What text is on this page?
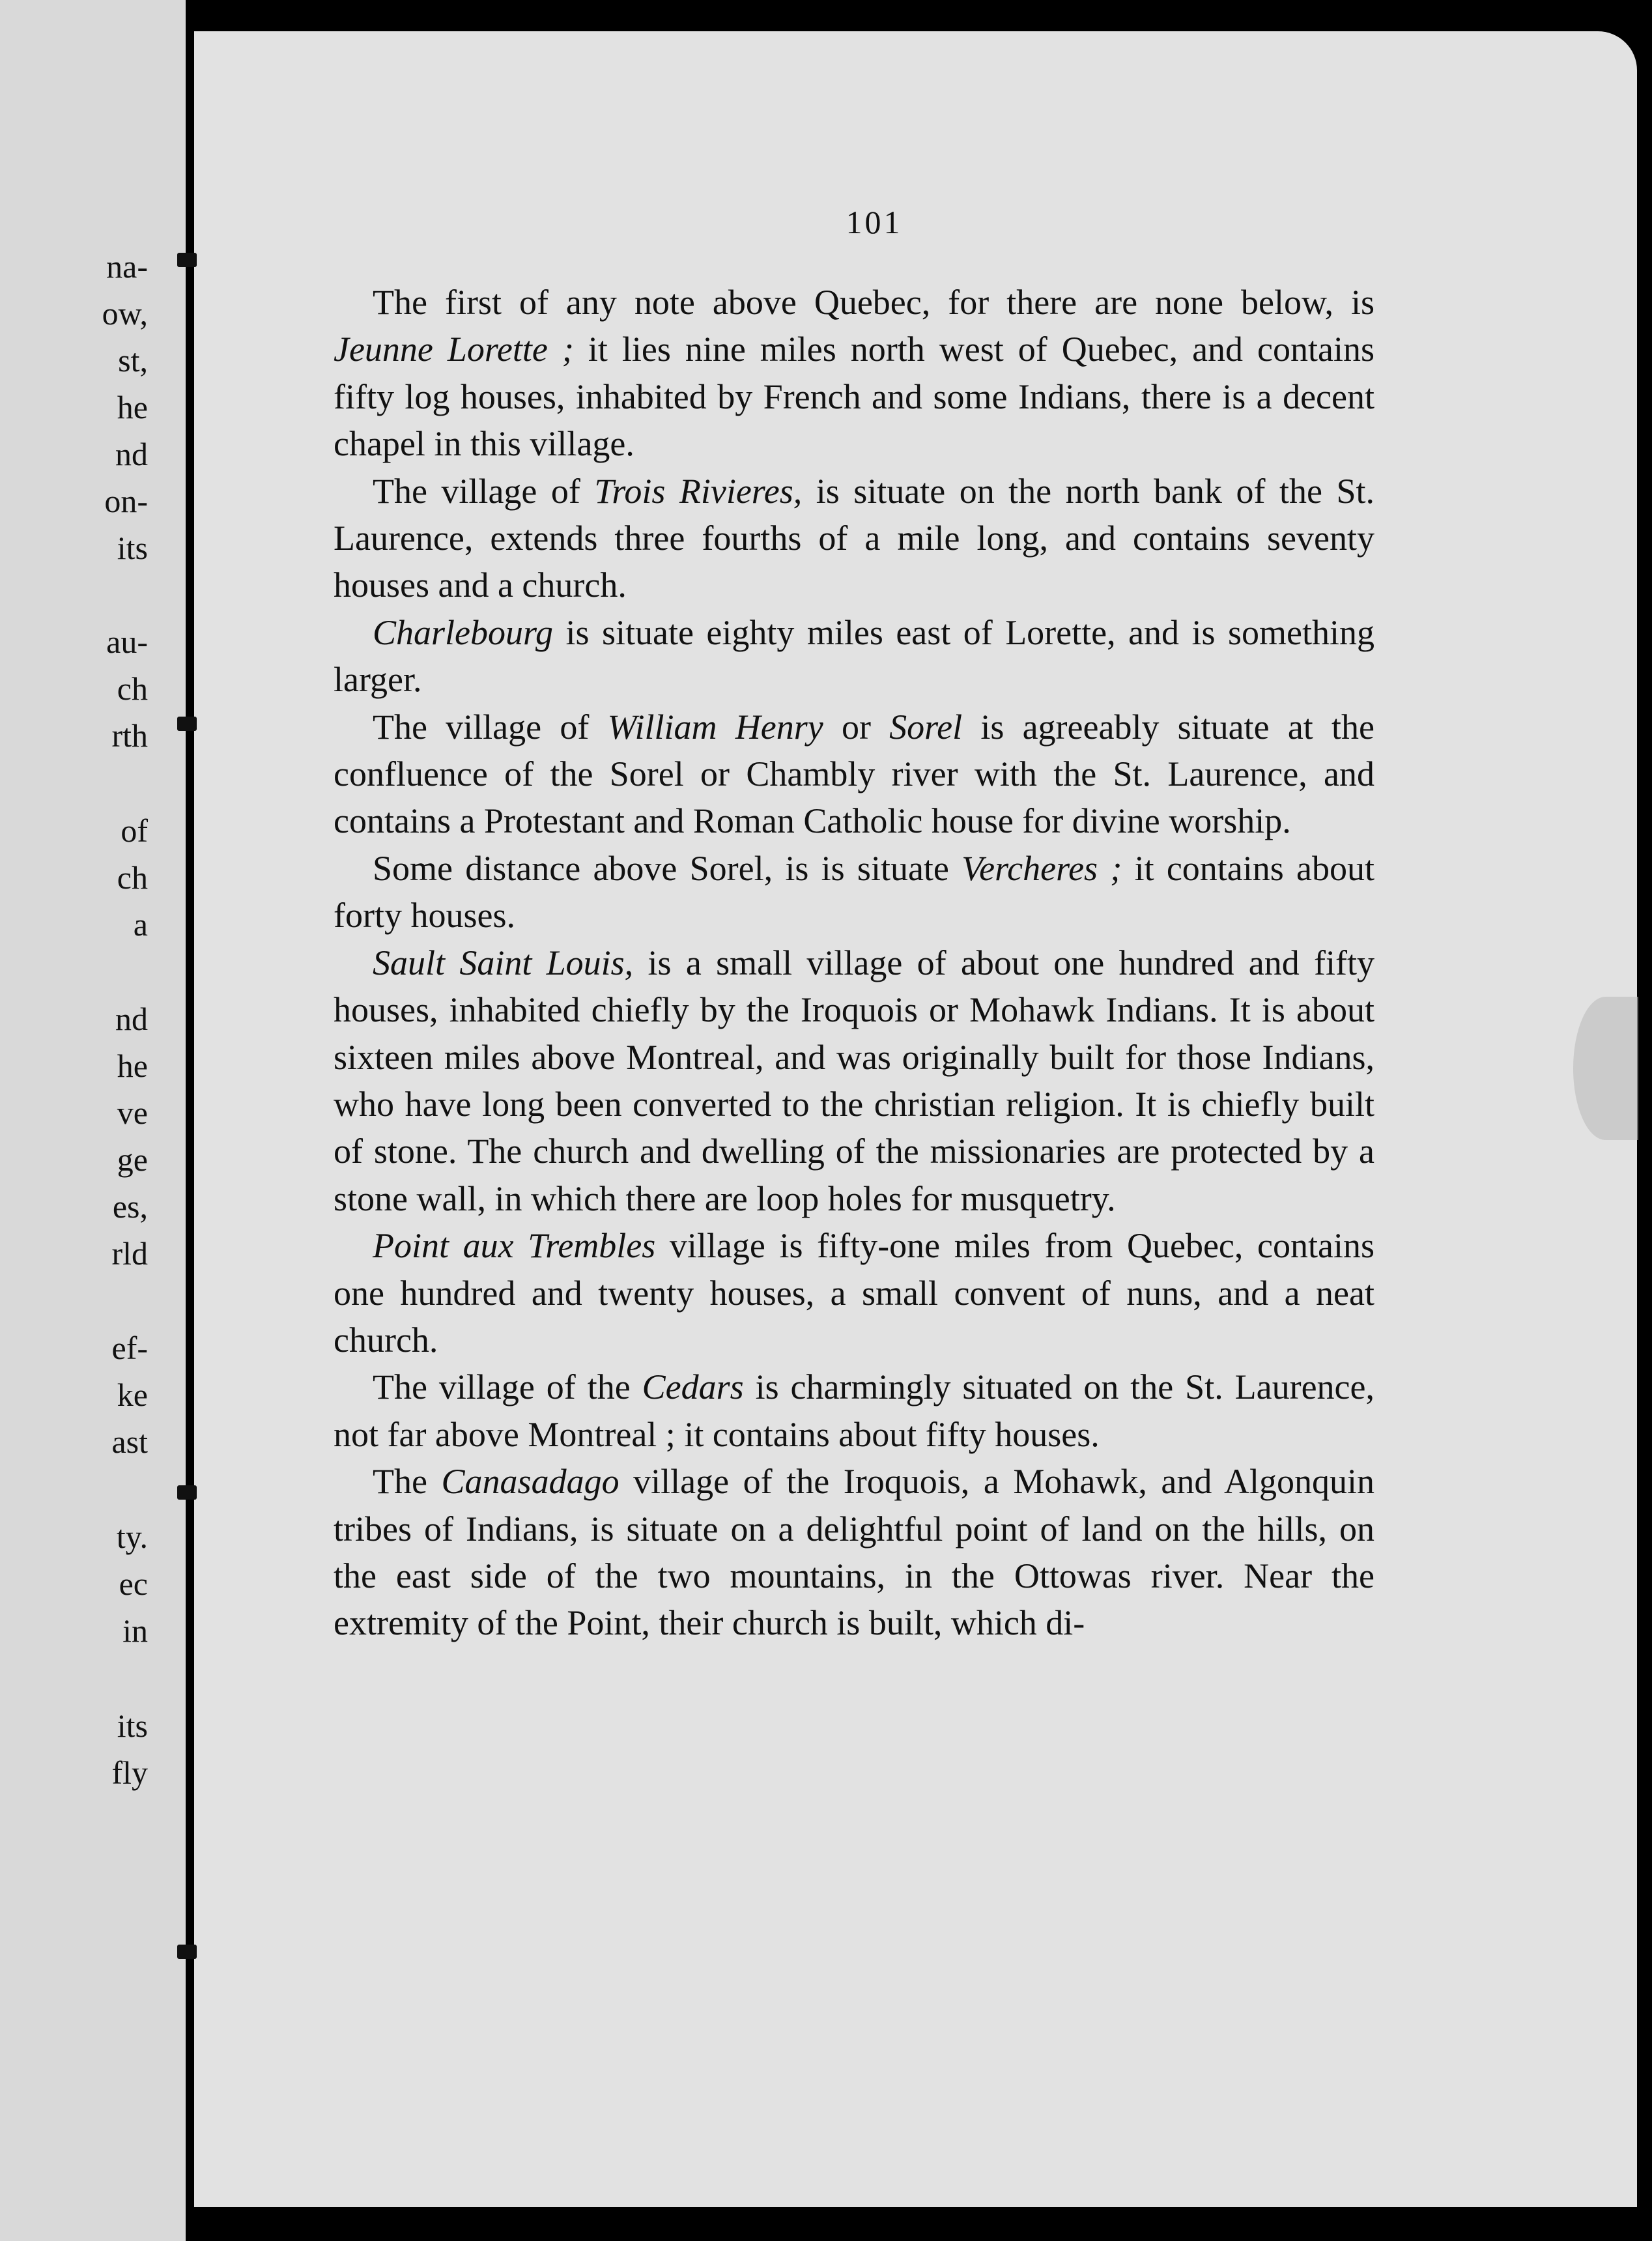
na-
ow,
st,
he
nd
on-
its
au-
ch
rth
of
ch
a
nd
he
ve
ge
es,
rld
ef-
ke
ast
ty.
ec
in
its
fly
101

The first of any note above Quebec, for there are none below, is Jeunne Lorette ; it lies nine miles north west of Quebec, and contains fifty log houses, inhabited by French and some Indians, there is a decent chapel in this village.

The village of Trois Rivieres, is situate on the north bank of the St. Laurence, extends three fourths of a mile long, and contains seventy houses and a church.

Charlebourg is situate eighty miles east of Lorette, and is something larger.

The village of William Henry or Sorel is agreeably situate at the confluence of the Sorel or Chambly river with the St. Laurence, and contains a Protestant and Roman Catholic house for divine worship.

Some distance above Sorel, is is situate Vercheres ; it contains about forty houses.

Sault Saint Louis, is a small village of about one hundred and fifty houses, inhabited chiefly by the Iroquois or Mohawk Indians. It is about sixteen miles above Montreal, and was originally built for those Indians, who have long been converted to the christian religion. It is chiefly built of stone. The church and dwelling of the missionaries are protected by a stone wall, in which there are loop holes for musquetry.

Point aux Trembles village is fifty-one miles from Quebec, contains one hundred and twenty houses, a small convent of nuns, and a neat church.

The village of the Cedars is charmingly situated on the St. Laurence, not far above Montreal ; it contains about fifty houses.

The Canasadago village of the Iroquois, a Mohawk, and Algonquin tribes of Indians, is situate on a delightful point of land on the hills, on the east side of the two mountains, in the Ottowas river. Near the extremity of the Point, their church is built, which di-
